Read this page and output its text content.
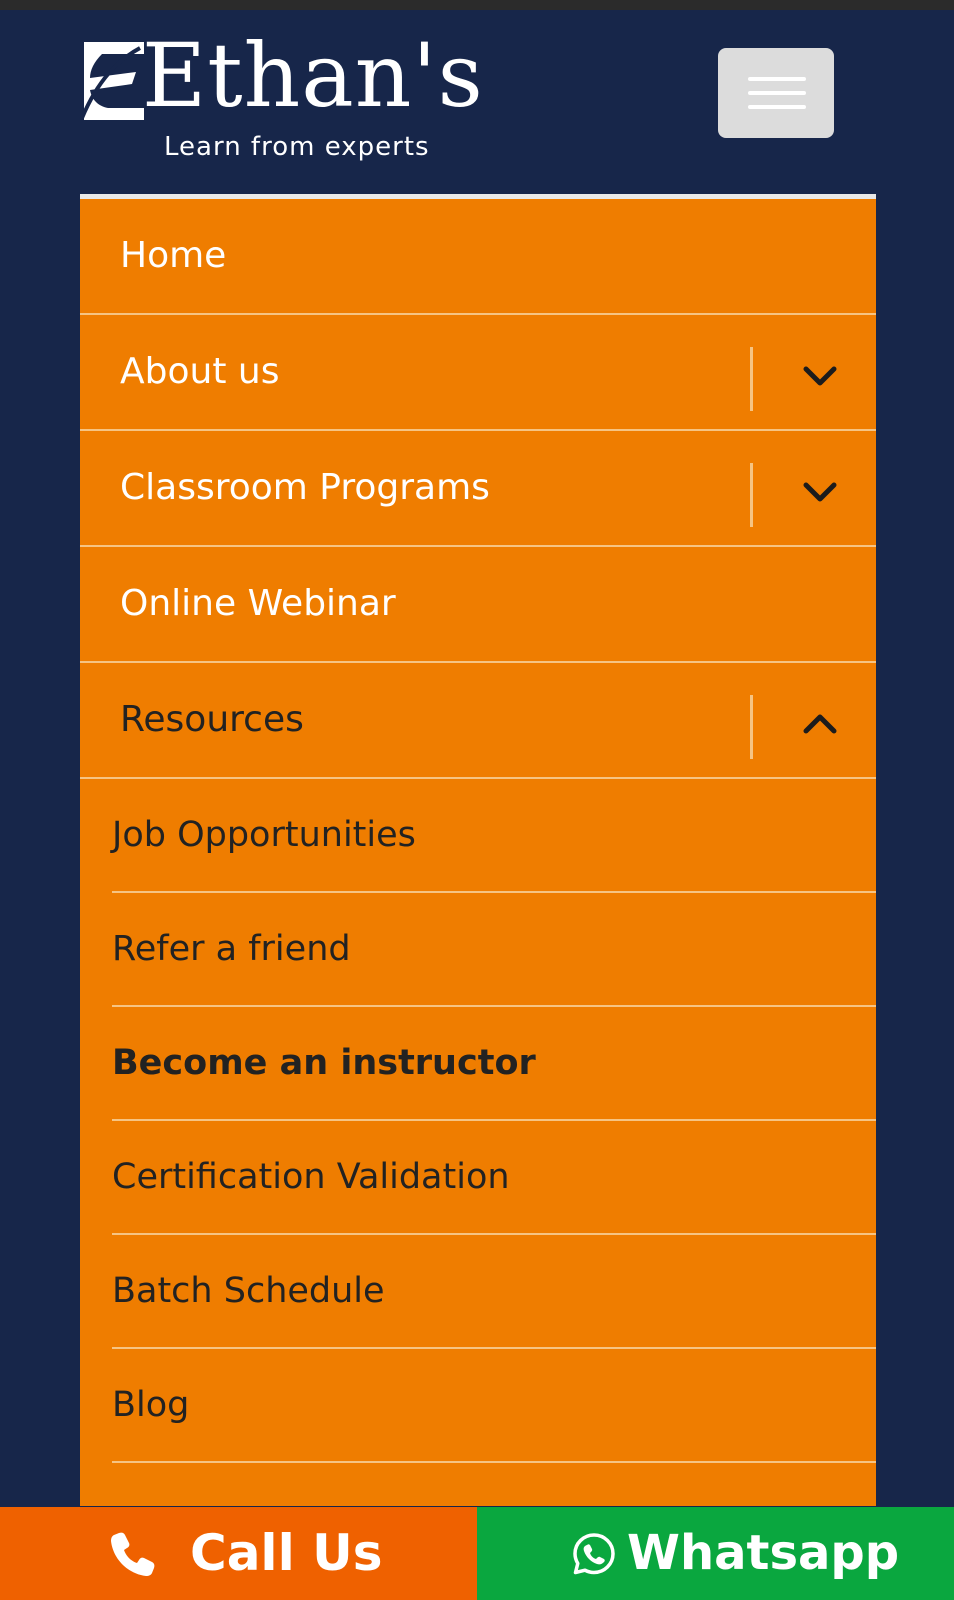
Ethan's
Learn from experts
Home
About us
Classroom Programs
Online Webinar
Resources
Job Opportunities
Refer a friend
Become an instructor
Certification Validation
Batch Schedule
Blog
Call Us	Whatsapp
